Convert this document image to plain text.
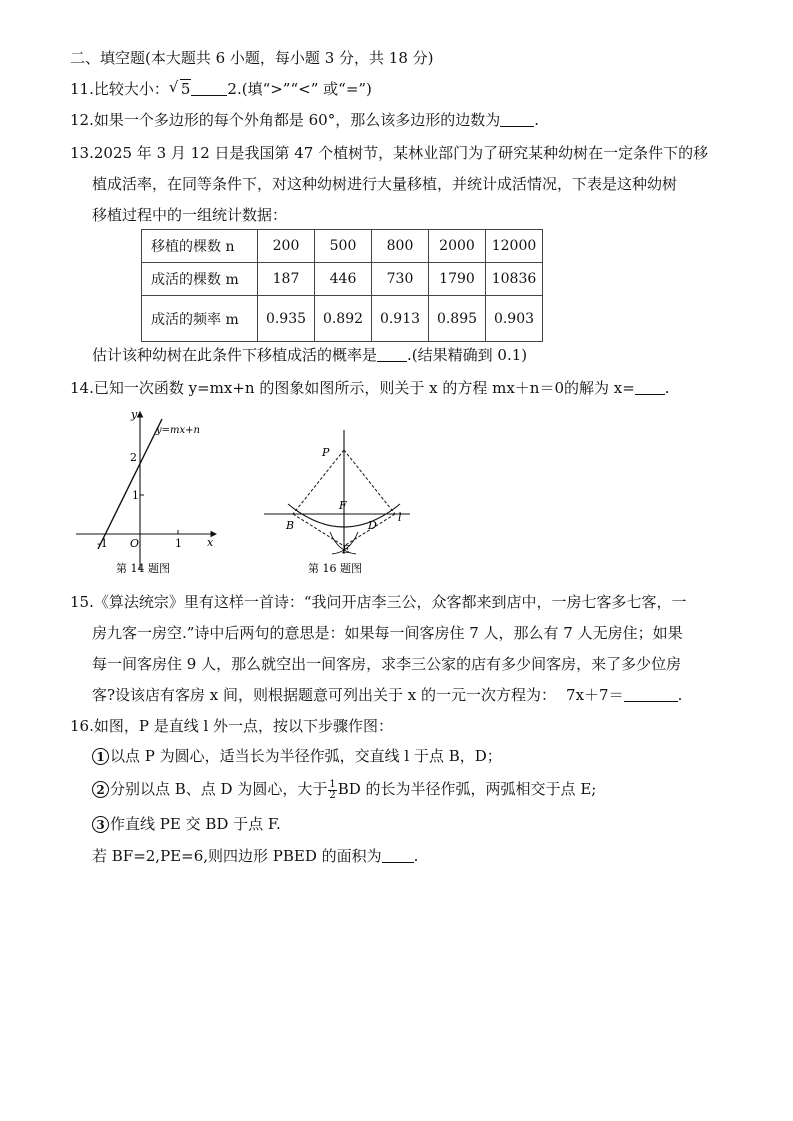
二、填空题(本大题共 6 小题，每小题 3 分，共 18 分)
11.比较大小： √ 5 2.(填“>”“<” 或“=”)
12.如果一个多边形的每个外角都是 60°，那么该多边形的边数为 .
13.2025 年 3 月 12 日是我国第 47 个植树节，某林业部门为了研究某种幼树在一定条件下的移
植成活率，在同等条件下，对这种幼树进行大量移植，并统计成活情况，下表是这种幼树
移植过程中的一组统计数据：
移植的棵数 n	200	500	800	2000	12000
成活的棵数 m	187	446	730	1790	10836
成活的频率 m	0.935	0.892	0.913	0.895	0.903
估计该种幼树在此条件下移植成活的概率是 .(结果精确到 0.1)
14.已知一次函数 y=mx+n 的图象如图所示，则关于 x 的方程 mx＋n＝0的解为 x= .
y=mx+n
y
x
2
1
-1 O	1
第 14 题图
P
F
B	D
E
l
第 16 题图
15.《算法统宗》里有这样一首诗：“我问开店李三公，众客都来到店中，一房七客多七客，一
房九客一房空.”诗中后两句的意思是：如果每一间客房住 7 人，那么有 7 人无房住；如果
每一间客房住 9 人，那么就空出一间客房，求李三公家的店有多少间客房，来了多少位房
客?设该店有客房 x 间，则根据题意可列出关于 x 的一元一次方程为： 7x＋7＝	.
16.如图，P 是直线 l 外一点，按以下步骤作图：
1 以点 P 为圆心，适当长为半径作弧，交直线 l 于点 B，D；
2 分别以点 B、点 D 为圆心，大于 $\frac{1}{2}$ BD 的长为半径作弧，两弧相交于点 E;
3 作直线 PE 交 BD 于点 F.
若 BF=2,PE=6,则四边形 PBED 的面积为 .
